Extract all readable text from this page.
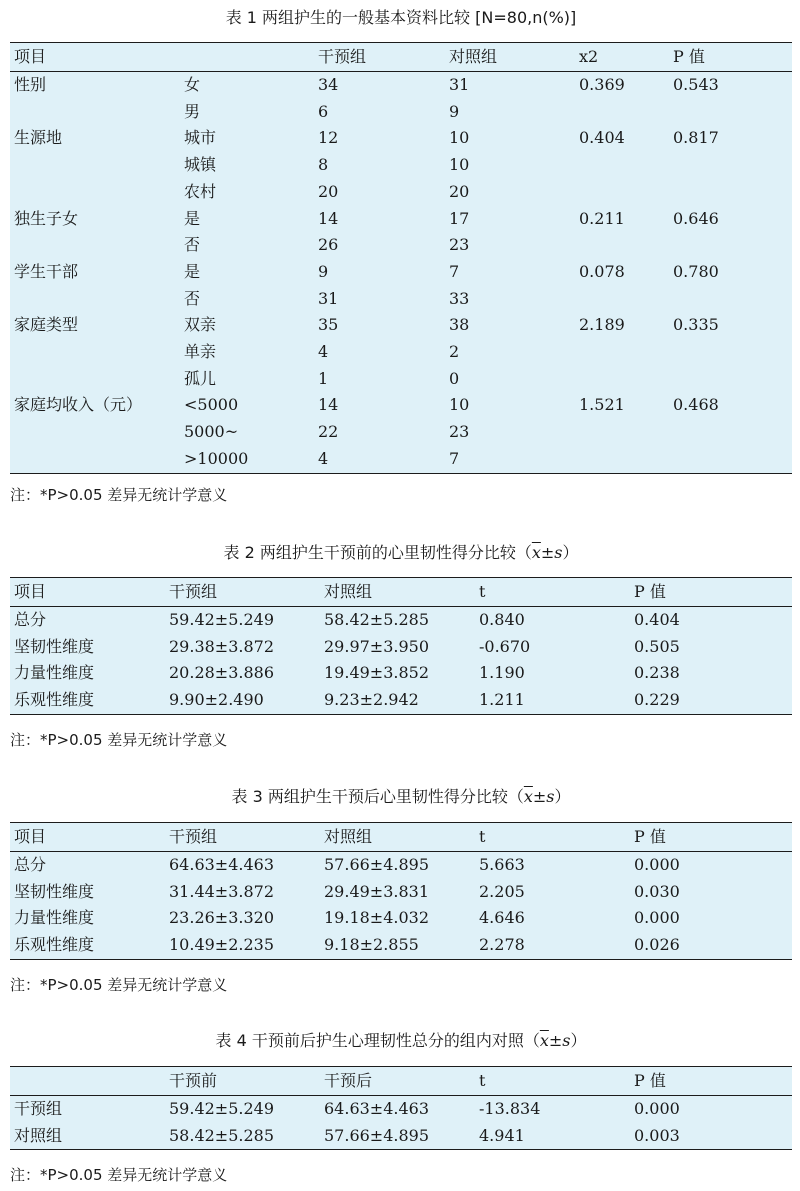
表 1 两组护生的一般基本资料比较 [N=80,n(%)]
项目		干预组	对照组	x2	P 值
性别	女	34	31	0.369	0.543
	男	6	9		
生源地	城市	12	10	0.404	0.817
	城镇	8	10		
	农村	20	20		
独生子女	是	14	17	0.211	0.646
	否	26	23		
学生干部	是	9	7	0.078	0.780
	否	31	33		
家庭类型	双亲	35	38	2.189	0.335
	单亲	4	2		
	孤儿	1	0		
家庭均收入（元）	<5000	14	10	1.521	0.468
	5000~	22	23		
	>10000	4	7		
注：*P>0.05 差异无统计学意义
表 2 两组护生干预前的心里韧性得分比较$(\overline{x}\pm s)$
项目	干预组	对照组	t	P 值
总分	59.42±5.249	58.42±5.285	0.840	0.404
坚韧性维度	29.38±3.872	29.97±3.950	-0.670	0.505
力量性维度	20.28±3.886	19.49±3.852	1.190	0.238
乐观性维度	9.90±2.490	9.23±2.942	1.211	0.229
注：*P>0.05 差异无统计学意义
表 3 两组护生干预后心里韧性得分比较$(\overline{x}\pm s)$
项目	干预组	对照组	t	P 值
总分	64.63±4.463	57.66±4.895	5.663	0.000
坚韧性维度	31.44±3.872	29.49±3.831	2.205	0.030
力量性维度	23.26±3.320	19.18±4.032	4.646	0.000
乐观性维度	10.49±2.235	9.18±2.855	2.278	0.026
注：*P>0.05 差异无统计学意义
表 4 干预前后护生心理韧性总分的组内对照$(\overline{x}\pm s)$
	干预前	干预后	t	P 值
干预组	59.42±5.249	64.63±4.463	-13.834	0.000
对照组	58.42±5.285	57.66±4.895	4.941	0.003
注：*P>0.05 差异无统计学意义
